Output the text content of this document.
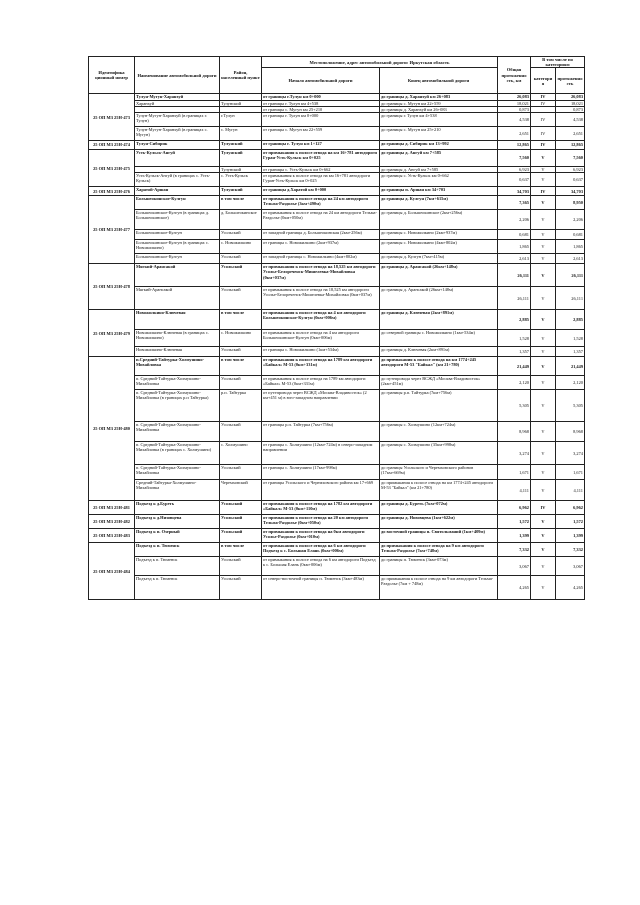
Идентифика ционный номер	Наименование автомобильной дороги	Район, населенный пункт	Местоположение, адрес автомобильной дороги: Иркутская область		Общая протяженно сть, км	В том числе по категориям	
			Начало автомобильной дороги	Конец автомобильной дороги		категори я	протяженно сть
25 ОП МЗ 25Н-473	Тулун-Мугун-Харанхуй		от границы г.Тулун км 0+000	до границы д. Харанхуй км 26+083	26,083	IV	26,083
	Харанхуй	Тулунский	от границы г. Тулун км 4+538	до границы с. Мугун км 22+559	18,021	IV	18,021
			от границы с. Мугун км 25+210	до границы д. Харанхуй км 26+083	0,873		0,873
	Тулун-Мугун-Харанхуй (в границах г. Тулун)	г.Тулун	от границы г. Тулун км 0+000	до границы г. Тулун км 4+538	4,538	IV	4,538
	Тулун-Мугун-Харанхуй (в границах с. Мугун)	с. Мугун	от границы с. Мугун км 22+559	до границы с. Мугун км 25+210	2,651	IV	2,651
25 ОП МЗ 25Н-474	Тулун-Сибирик	Тулунский	от границы г. Тулун км 1+127	до границы д. Сибирик км 13+992	12,865	IV	12,865
25 ОП МЗ 25Н-475	Усть-Кульск-Ангуй	Тулунский	от примыкания к полосе отвода на км 16+781 автодороги Гуран-Усть-Кульск км 0+025	до границы д. Ангуй км 7+585	7,560	V	7,560
		Тулунский	от границы с. Усть-Кульск км 0+662	до границы д. Ангуй км 7+585	6,923	V	6,923
	Усть-Кульск-Ангуй (в границах с. Усть-Кульск)	с. Усть-Кульск	от примыкания к полосе отвода на км 16+781 автодороги Гуран-Усть-Кульск км 0+025	до границы с. Усть-Кульск км 0+662	0,637	V	0,637
25 ОП МЗ 25Н-476	Харатой-Аршан	Тулунский	от границы д.Харатой км 0+000	до границы п. Аршан км 34+703	34,703	IV	34,703
25 ОП МЗ 25Н-477	Большеокинское-Кулгун	в том числе	от примыкания к полосе отвода на 24 км автодороги Тельма-Раздолье (3км+490м)	до границы д. Кулгун (7км+615м)	7,365	V	8,950
	Большеокинское-Кулгун (в границах д. Большеокинское)	д. Большеокинское	от примыкания к полосе отвода на 24 км автодороги Тельма-Раздолье (0км+050м)	до границы д. Большеокинское (2км+256м)	2,206	V	2,206
	Большеокинское-Кулгун	Усольский	от западной границы д. Большеокинская (2км+256м)	до границы с. Новожилкино (2км+937м)	0,681	V	0,681
	Большеокинское-Кулгун (в границах с. Новожилкино)	с. Новожилкино	от границы с. Новожилкино (2км+937м)	до границы с. Новожилкино (4км+802м)	1,865	V	1,865
	Большеокинское-Кулгун	Усольский	от западной границы с. Новожилкино (4км+802м)	до границы д. Кулгун (7км+415м)	2,613	V	2,613
25 ОП МЗ 25Н-478	Мягкий-Арансакой	Усольский	от примыкания к полосе отвода на 18,525 км автодороги Усолье-Белореченск-Мишелевка-Михайловка (0км+037м)	до границы д. Арансакой (26км+148м)	26,111	V	26,111
	Мягкий-Арансакой	Усольский	от примыкания к полосе отвода на 18,525 км автодороги Усолье-Белореченск-Мишелевка-Михайловка (0км+037м)	до границы д. Арансакой (26км+148м)	26,111	V	26,111
25 ОП МЗ 25Н-479	Новожилкино-Ключевая	в том числе	от примыкания к полосе отвода на 4 км автодороги Большеокинское-Кулгун (0км+006м)	до границы д. Ключевая (2км+891м)	2,885	V	2,885
	Новожилкино-Ключевая (в границах с. Новожилкино)	с. Новожилкино	от примыкания к полосе отвода на 4 км автодороги Большеокинское-Кулгун (0км+006м)	до северной границы с. Новожилкино (1км+534м)	1,528	V	1,528
	Новожилкино-Ключевая	Усольский	от границы с. Новожилкино (1км+534м)	до границы д. Ключевая (2км+891м)	1,357	V	1,357
25 ОП МЗ 25Н-480	п.Средний-Тайтурка-Холмушино-Михайловка	в том числе	от примыкания к полосе отвода на 1789 км автодороги «Байкал» М-53 (0км+331м)	до примыкания к полосе отвода на км 1774+245 автодороги М-53 "Байкал" (км 21+780)	21,449	V	21,449
	п. Средний-Тайтурка-Холмушино-Михайловка	Усольский	от примыкания к полосе отвода на 1789 км автодороги «Байкал» М-53 (0км+331м)	до путепровода через ВСЖД «Москва-Владивосток» (2км+451м)	2,120	V	2,120
	п. Средний-Тайтурка-Холмушино-Михайловка (в границах р.п Тайтурка)	р.п. Тайтурка	от путепровода через ВСЖД «Москва-Владивосток» (2 км+451 м) в юго-западном направлении	до границы р.п. Тайтурка (7км+756м)	5,305	V	5,305
	п. Средний-Тайтурка-Холмушино-Михайловка	Усольский	от границы р.п. Тайтурка (7км+756м)	до границы с. Холмушино (12км+724м)	8,968	V	8,968
	п. Средний-Тайтурка-Холмушино-Михайловка (в границах с. Холмушино)	с. Холмушино	от границы с. Холмушино (12км+724м) в северо-западном направлении	до границы с. Холмушино (35км+998м)	3,274	V	3,274
	п. Средний-Тайтурка-Холмушино-Михайловка	Усольский	от границы с. Холмушино (17км+998м)	до границы Усольского и Черемховского районов (17км+669м)	1,671	V	1,671
	Средний-Тайтурка-Холмушино-Михайловка	Черемховский	от границы Усольского и Черемховского района км 17+669	до примыкания к полосе отвода на км 1774+245 автодороги М-53 "Байкал" (км 21+780)	4,111	V	4,111
25 ОП МЗ 25Н-481	Подъезд к д.Буреть	Усольский	от примыкания к полосе отвода на 1782 км автодороги «Байкал» М-53 (0км+110м)	до границы д. Буреть (7км+072м)	6,962	IV	6,962
25 ОП МЗ 25Н-482	Подъезд к д.Низовцева	Усольский	от примыкания к полосе отвода на 20 км автодороги Тельма-Раздолье (0км+050м)	до границы д. Низовцева (1км+622м)	1,572	V	1,572
25 ОП МЗ 25Н-483	Подъезд к п. Озерный	Усольский	от примыкания к полосе отвода на 0км автодороги Усолье-Раздолье (0км+010м)	до восточной границы п. Святольманий (1км+409м)	1,399	V	1,399
25 ОП МЗ 25Н-484	Подъезд к п. Тюменск	в том числе	от примыкания к полосе отвода на 6 км автодороги Подъезд к с. Большая Елань (0км+006м)	до примыкания к полосе отвода на 9 км автодороги Тельма-Раздолье (7км+748м)	7,332	V	7,332
	Подъезд к п. Тюменск	Усольский	от примыкания к полосе отвода на 6 км автодороги Подъезд к с. Большая Елань (0км+006м)	до границы п. Тюменск (3км+073м)	3,067	V	3,067
	Подъезд к п. Тюменск	Усольский	от северо-восточной границы п. Тюменск (3км+483м)	до примыкания к полосе отвода на 9 км автодороги Тельма-Раздолье (7км + 748м)	4,265	V	4,265
